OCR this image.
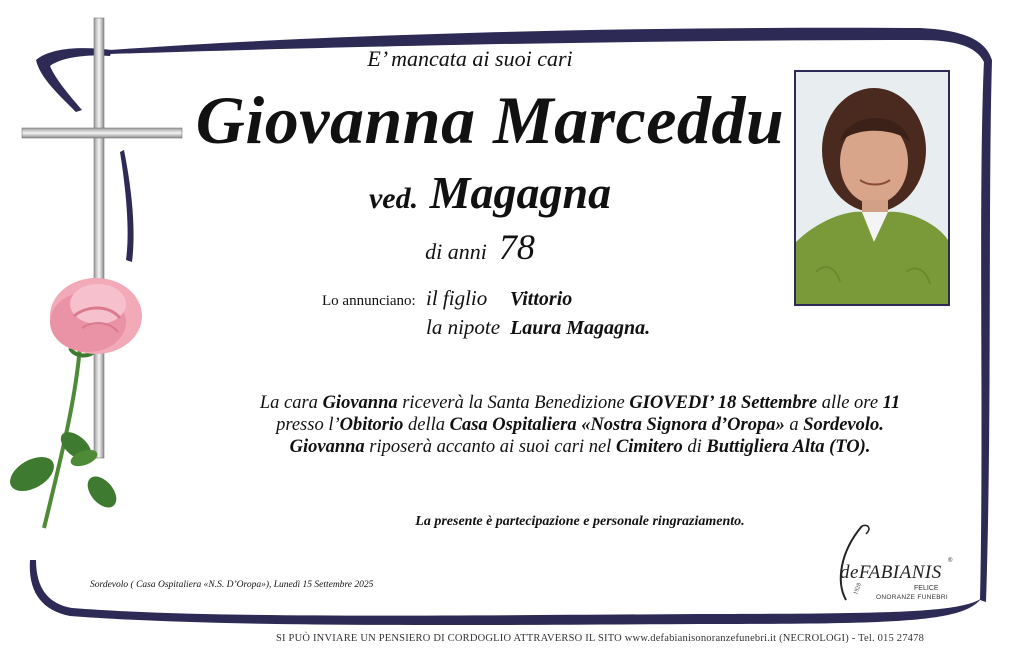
E’ mancata ai suoi cari
Giovanna Marceddu
ved. Magagna
di anni 78
Lo annunciano: il figlio Vittorio
la nipote Laura Magagna.
La cara Giovanna riceverà la Santa Benedizione GIOVEDI’ 18 Settembre alle ore 11
presso l’Obitorio della Casa Ospitaliera «Nostra Signora d’Oropa» a Sordevolo.
Giovanna riposerà accanto ai suoi cari nel Cimitero di Buttigliera Alta (TO).
La presente è partecipazione e personale ringraziamento.
Sordevolo ( Casa Ospitaliera «N.S. D’Oropa»), Lunedì 15 Settembre 2025
deFABIANIS
®
1928	FELICE
ONORANZE FUNEBRI
SI PUÒ INVIARE UN PENSIERO DI CORDOGLIO ATTRAVERSO IL SITO www.defabianisonoranzefunebri.it (NECROLOGI) - Tel. 015 27478
